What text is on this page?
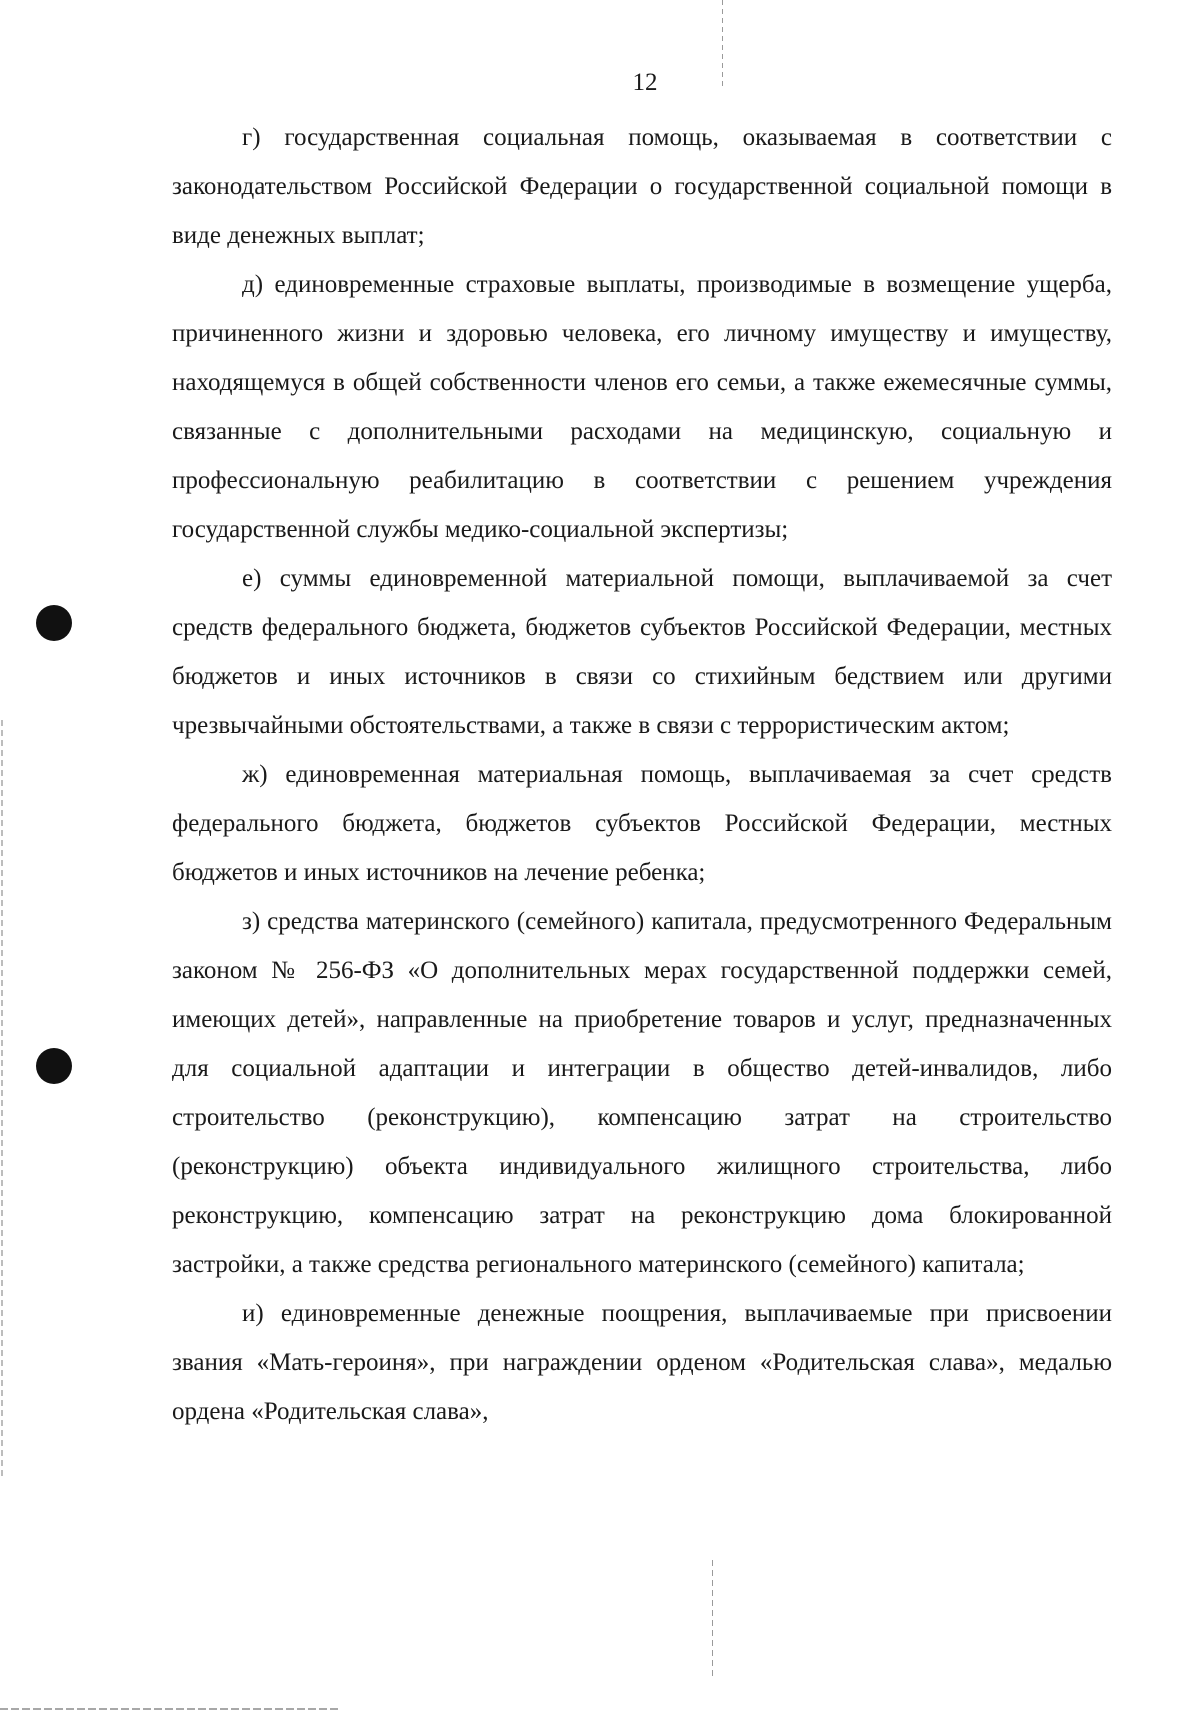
12

г) государственная социальная помощь, оказываемая в соответствии с законодательством Российской Федерации о государственной социальной помощи в виде денежных выплат;

д) единовременные страховые выплаты, производимые в возмещение ущерба, причиненного жизни и здоровью человека, его личному имуществу и имуществу, находящемуся в общей собственности членов его семьи, а также ежемесячные суммы, связанные с дополнительными расходами на медицинскую, социальную и профессиональную реабилитацию в соответствии с решением учреждения государственной службы медико-социальной экспертизы;

е) суммы единовременной материальной помощи, выплачиваемой за счет средств федерального бюджета, бюджетов субъектов Российской Федерации, местных бюджетов и иных источников в связи со стихийным бедствием или другими чрезвычайными обстоятельствами, а также в связи с террористическим актом;

ж) единовременная материальная помощь, выплачиваемая за счет средств федерального бюджета, бюджетов субъектов Российской Федерации, местных бюджетов и иных источников на лечение ребенка;

з) средства материнского (семейного) капитала, предусмотренного Федеральным законом № 256-ФЗ «О дополнительных мерах государственной поддержки семей, имеющих детей», направленные на приобретение товаров и услуг, предназначенных для социальной адаптации и интеграции в общество детей-инвалидов, либо строительство (реконструкцию), компенсацию затрат на строительство (реконструкцию) объекта индивидуального жилищного строительства, либо реконструкцию, компенсацию затрат на реконструкцию дома блокированной застройки, а также средства регионального материнского (семейного) капитала;

и) единовременные денежные поощрения, выплачиваемые при присвоении звания «Мать-героиня», при награждении орденом «Родительская слава», медалью ордена «Родительская слава»,
